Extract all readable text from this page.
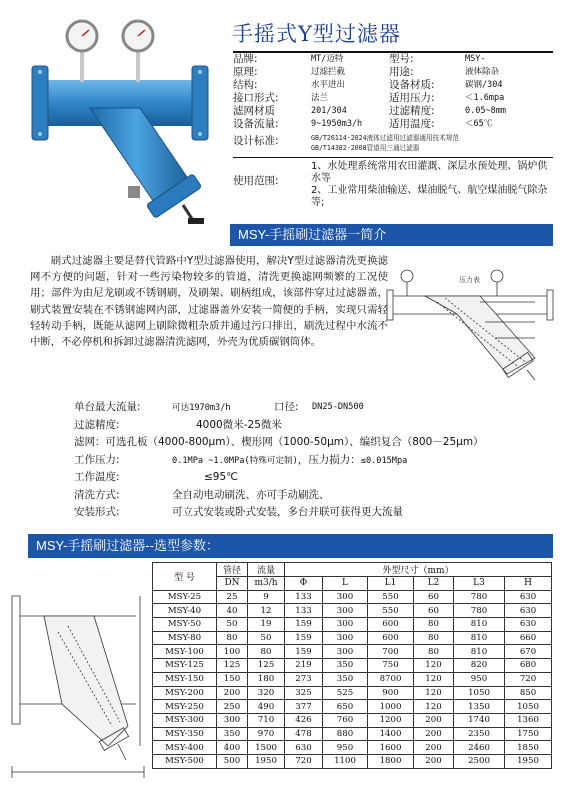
手摇式Y型过滤器
品牌:	MT/迈特	型号:	MSY-
原理:	过滤拦截	用途:	液体除杂
结构:	水平进出	设备材质:	碳钢/304
接口形式:	法兰	适用压力:	＜1.6mpa
滤网材质	201/304	过滤精度:	0.05~8mm
设备流量:	9~1950m3/h	适用温度:	＜65℃
设计标准:	GB/T26114-2024液体过滤用过滤器通用技术规范
GB/T14382-2008管道用三通过滤器
使用范围:
1、水处理系统常用农田灌溉、深层水预处理、锅炉供水等
2、工业常用柴油输送、煤油脱气、航空煤油脱气除杂等;
MSY-手摇刷过滤器一简介
刷式过滤器主要是替代管路中Y型过滤器使用，解决Y型过滤器清洗更换滤网不方便的问题，针对一些污染物较多的管道，清洗更换滤网频繁的工况使用；部件为由尼龙刷或不锈钢刷，及刷架、刷柄组成，该部件穿过过滤器盖，刷式装置安装在不锈钢滤网内部，过滤器盖外安装一简便的手柄，实现只需轻轻转动手柄，既能从滤网上刷除微粗杂质并通过污口排出，刷洗过程中水流不中断，不必停机和拆卸过滤器清洗滤网，外壳为优质碳钢筒体。
压力表
单台最大流量:	可达1970m3/h	口径: DN25-DN500
过滤精度:	4000微米-25微米
滤网：可选孔板（4000-800μm）、楔形网（1000-50μm）、编织复合（800－25μm）
工作压力:	0.1MPa ~1.0MPa(特殊可定制)，压力损力：≤0.015Mpa
工作温度:	≤95℃
清洗方式:	全自动电动刷洗、亦可手动刷洗、
安装形式:	可立式安装或卧式安装，多台并联可获得更大流量
MSY-手摇刷过滤器--选型参数：
型 号	管径	流量	外型尺寸（mm）					
	DN	m3/h	Φ	L	L1	L2	L3	H
MSY-25	25	9	133	300	550	60	780	630
MSY-40	40	12	133	300	550	60	780	630
MSY-50	50	19	159	300	600	80	810	630
MSY-80	80	50	159	300	600	80	810	660
MSY-100	100	80	159	300	700	80	810	670
MSY-125	125	125	219	350	750	120	820	680
MSY-150	150	180	273	350	8700	120	950	720
MSY-200	200	320	325	525	900	120	1050	850
MSY-250	250	490	377	650	1000	120	1350	1050
MSY-300	300	710	426	760	1200	200	1740	1360
MSY-350	350	970	478	880	1400	200	2350	1750
MSY-400	400	1500	630	950	1600	200	2460	1850
MSY-500	500	1950	720	1100	1800	200	2500	1950
